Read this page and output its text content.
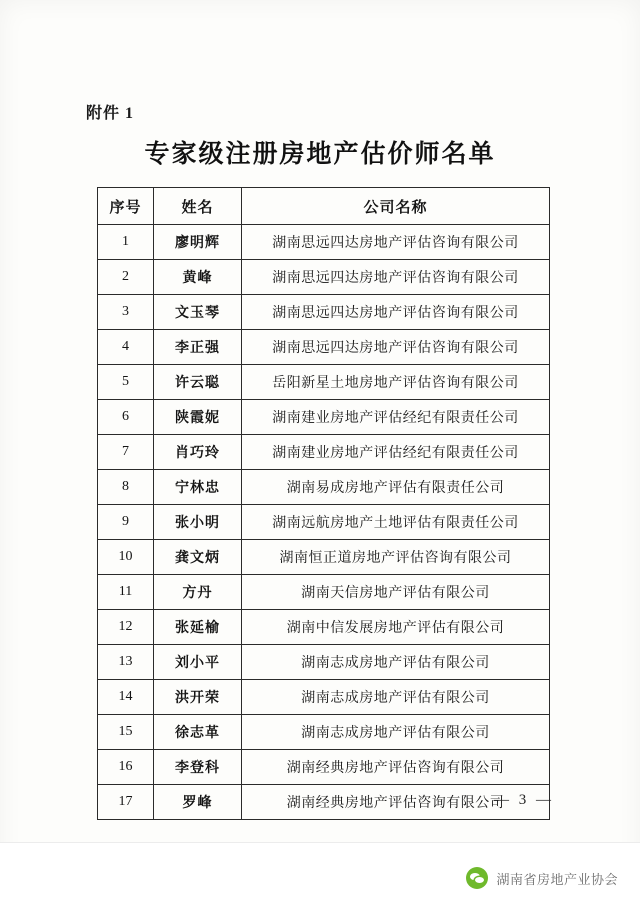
附件 1
专家级注册房地产估价师名单
序号	姓名	公司名称
1	廖明辉	湖南思远四达房地产评估咨询有限公司
2	黄峰	湖南思远四达房地产评估咨询有限公司
3	文玉琴	湖南思远四达房地产评估咨询有限公司
4	李正强	湖南思远四达房地产评估咨询有限公司
5	许云聪	岳阳新星土地房地产评估咨询有限公司
6	陕霞妮	湖南建业房地产评估经纪有限责任公司
7	肖巧玲	湖南建业房地产评估经纪有限责任公司
8	宁林忠	湖南易成房地产评估有限责任公司
9	张小明	湖南远航房地产土地评估有限责任公司
10	龚文炳	湖南恒正道房地产评估咨询有限公司
11	方丹	湖南天信房地产评估有限公司
12	张延榆	湖南中信发展房地产评估有限公司
13	刘小平	湖南志成房地产评估有限公司
14	洪开荣	湖南志成房地产评估有限公司
15	徐志革	湖南志成房地产评估有限公司
16	李登科	湖南经典房地产评估咨询有限公司
17	罗峰	湖南经典房地产评估咨询有限公司
— 3 —
湖南省房地产业协会
